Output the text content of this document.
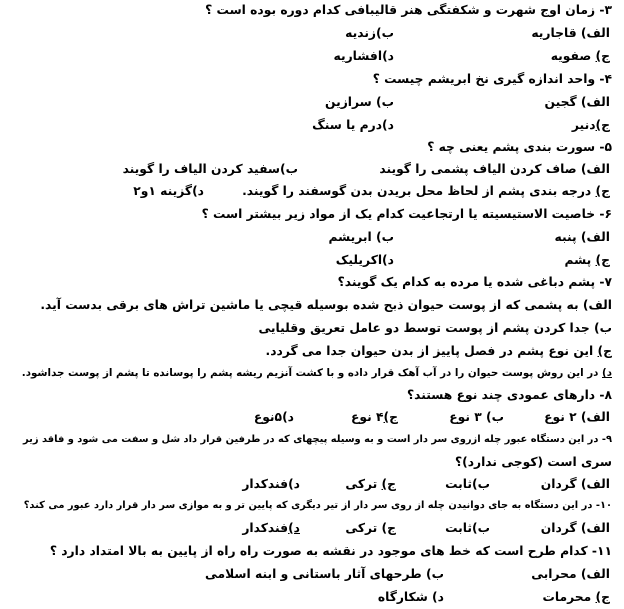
۳- زمان اوج شهرت و شکفتگی هنر قالیبافی کدام دوره بوده است ؟
الف) قاجاریه
ب)زندیه
ج) صفویه
د)افشاریه
۴- واحد اندازه گیری نخ ابریشم چیست ؟
الف) گجین
ب) سرازین
ج)دنیر
د)درم یا سنگ
۵- سورت بندی پشم یعنی چه ؟
الف) صاف کردن الیاف پشمی را گویند
ب)سفید کردن الیاف را گویند
ج) درجه بندی پشم از لحاظ محل بریدن بدن گوسفند را گویند.
د)گزینه ۱و۲
۶- خاصیت الاستیسیته یا ارتجاعیت کدام یک از مواد زیر بیشتر است ؟
الف) پنبه
ب) ابریشم
ج) پشم
د)اکریلیک
۷- پشم دباغی شده یا مرده به کدام یک گویند؟
الف) به پشمی که از پوست حیوان ذبح شده بوسیله قیچی یا ماشین تراش های برقی بدست آید.
ب) جدا کردن پشم از پوست توسط دو عامل تعریق وقلیایی
ج) این نوع پشم در فصل پاییز از بدن حیوان جدا می گردد.
د) در این روش پوست حیوان را در آب آهک قرار داده و با کشت آنزیم ریشه پشم را پوسانده تا پشم از پوست جداشود.
۸- دارهای عمودی چند نوع هستند؟
الف) ۲ نوع
ب) ۳ نوع
ج)۴ نوع
د)۵نوع
۹- در این دستگاه عبور چله ازروی سر دار است و به وسیله پیچهای که در طرفین قرار داد شل و سفت می شود و فاقد زیر
سری است (کوجی ندارد)؟
الف) گردان
ب)ثابت
ج) ترکی
د)فندکدار
۱۰- در این دستگاه به جای دوانیدن چله از روی سر دار از تیر دیگری که پایین تر و به موازی سر دار قرار دارد عبور می کند؟
الف) گردان
ب)ثابت
ج) ترکی
د)فندکدار
۱۱- کدام طرح است که خط های موجود در نقشه به صورت راه راه از پایین به بالا امتداد دارد ؟
الف) محرابی
ب) طرحهای آثار باستانی و ابنه اسلامی
ج) محرمات
د) شکارگاه
